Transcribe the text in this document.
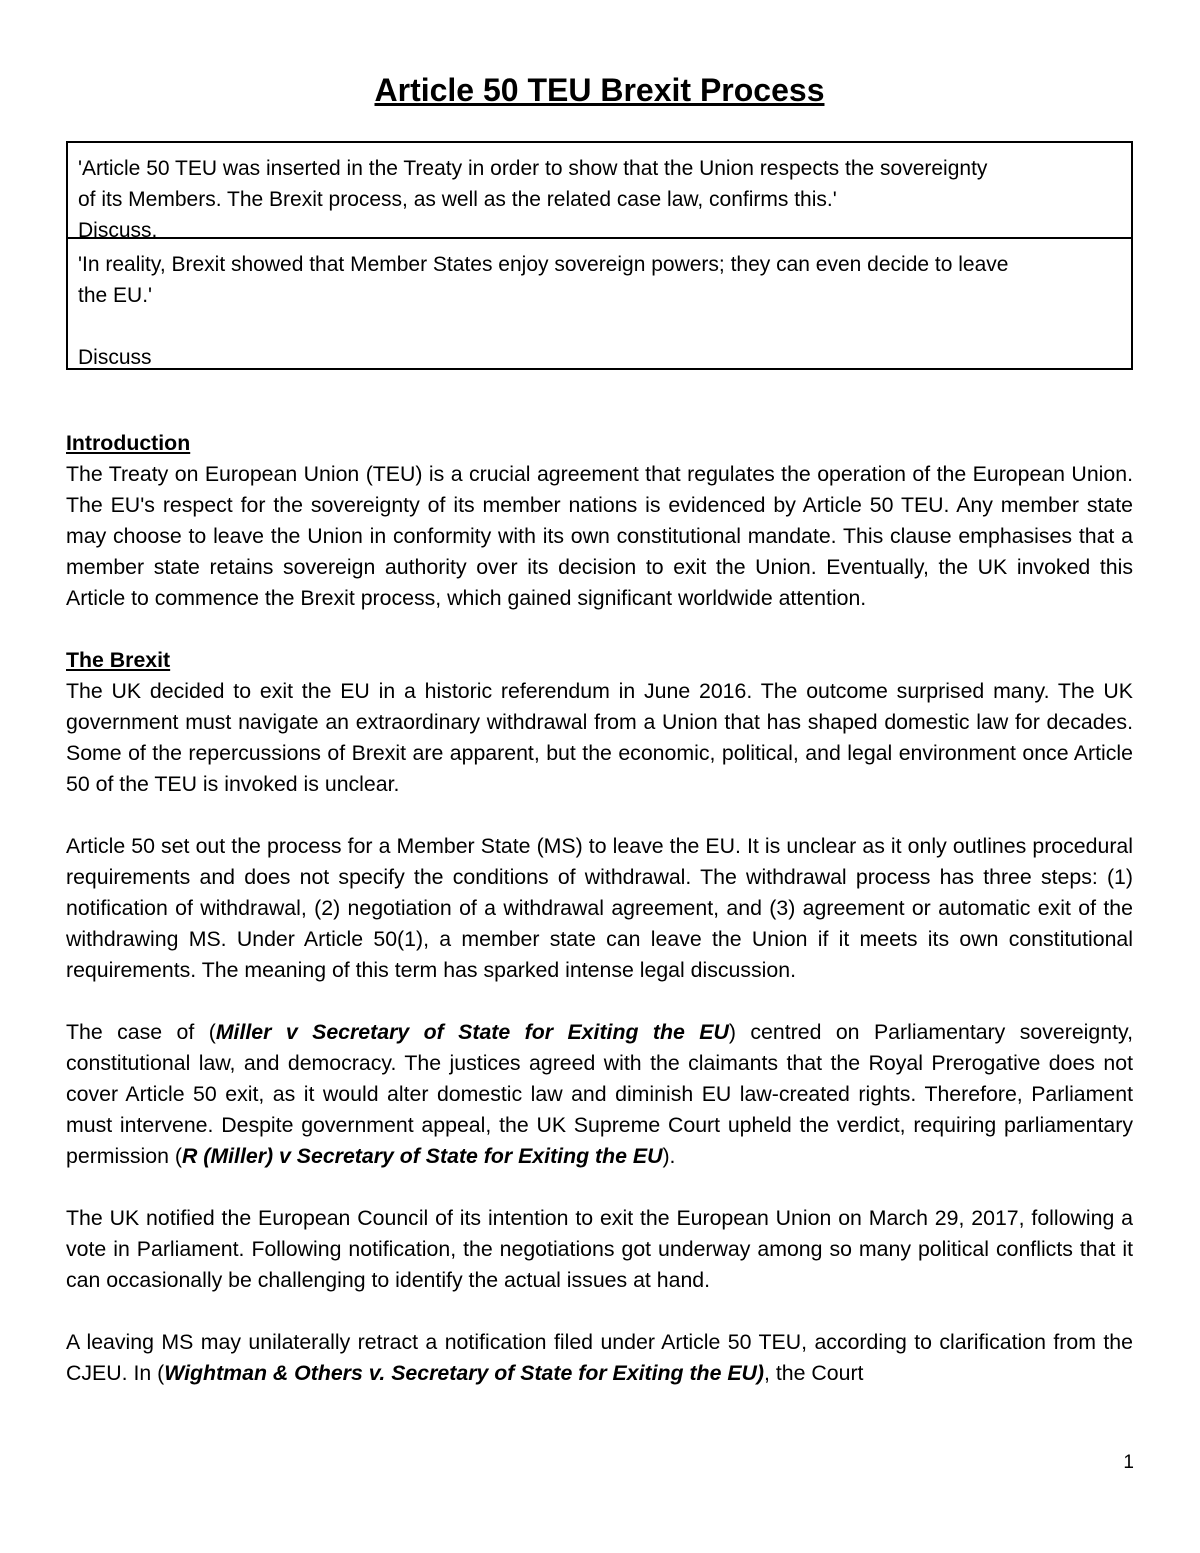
Article 50 TEU Brexit Process
'Article 50 TEU was inserted in the Treaty in order to show that the Union respects the sovereignty
of its Members. The Brexit process, as well as the related case law, confirms this.'
Discuss.
'In reality, Brexit showed that Member States enjoy sovereign powers; they can even decide to leave
the EU.'
Discuss
Introduction

The Treaty on European Union (TEU) is a crucial agreement that regulates the operation of the European Union. The EU's respect for the sovereignty of its member nations is evidenced by Article 50 TEU. Any member state may choose to leave the Union in conformity with its own constitutional mandate. This clause emphasises that a member state retains sovereign authority over its decision to exit the Union. Eventually, the UK invoked this Article to commence the Brexit process, which gained significant worldwide attention.

The Brexit

The UK decided to exit the EU in a historic referendum in June 2016. The outcome surprised many. The UK government must navigate an extraordinary withdrawal from a Union that has shaped domestic law for decades. Some of the repercussions of Brexit are apparent, but the economic, political, and legal environment once Article 50 of the TEU is invoked is unclear.

Article 50 set out the process for a Member State (MS) to leave the EU. It is unclear as it only outlines procedural requirements and does not specify the conditions of withdrawal. The withdrawal process has three steps: (1) notification of withdrawal, (2) negotiation of a withdrawal agreement, and (3) agreement or automatic exit of the withdrawing MS. Under Article 50(1), a member state can leave the Union if it meets its own constitutional requirements. The meaning of this term has sparked intense legal discussion.

The case of (Miller v Secretary of State for Exiting the EU) centred on Parliamentary sovereignty, constitutional law, and democracy. The justices agreed with the claimants that the Royal Prerogative does not cover Article 50 exit, as it would alter domestic law and diminish EU law-created rights. Therefore, Parliament must intervene. Despite government appeal, the UK Supreme Court upheld the verdict, requiring parliamentary permission (R (Miller) v Secretary of State for Exiting the EU).

The UK notified the European Council of its intention to exit the European Union on March 29, 2017, following a vote in Parliament. Following notification, the negotiations got underway among so many political conflicts that it can occasionally be challenging to identify the actual issues at hand.

A leaving MS may unilaterally retract a notification filed under Article 50 TEU, according to clarification from the CJEU. In (Wightman & Others v. Secretary of State for Exiting the EU), the Court

1
